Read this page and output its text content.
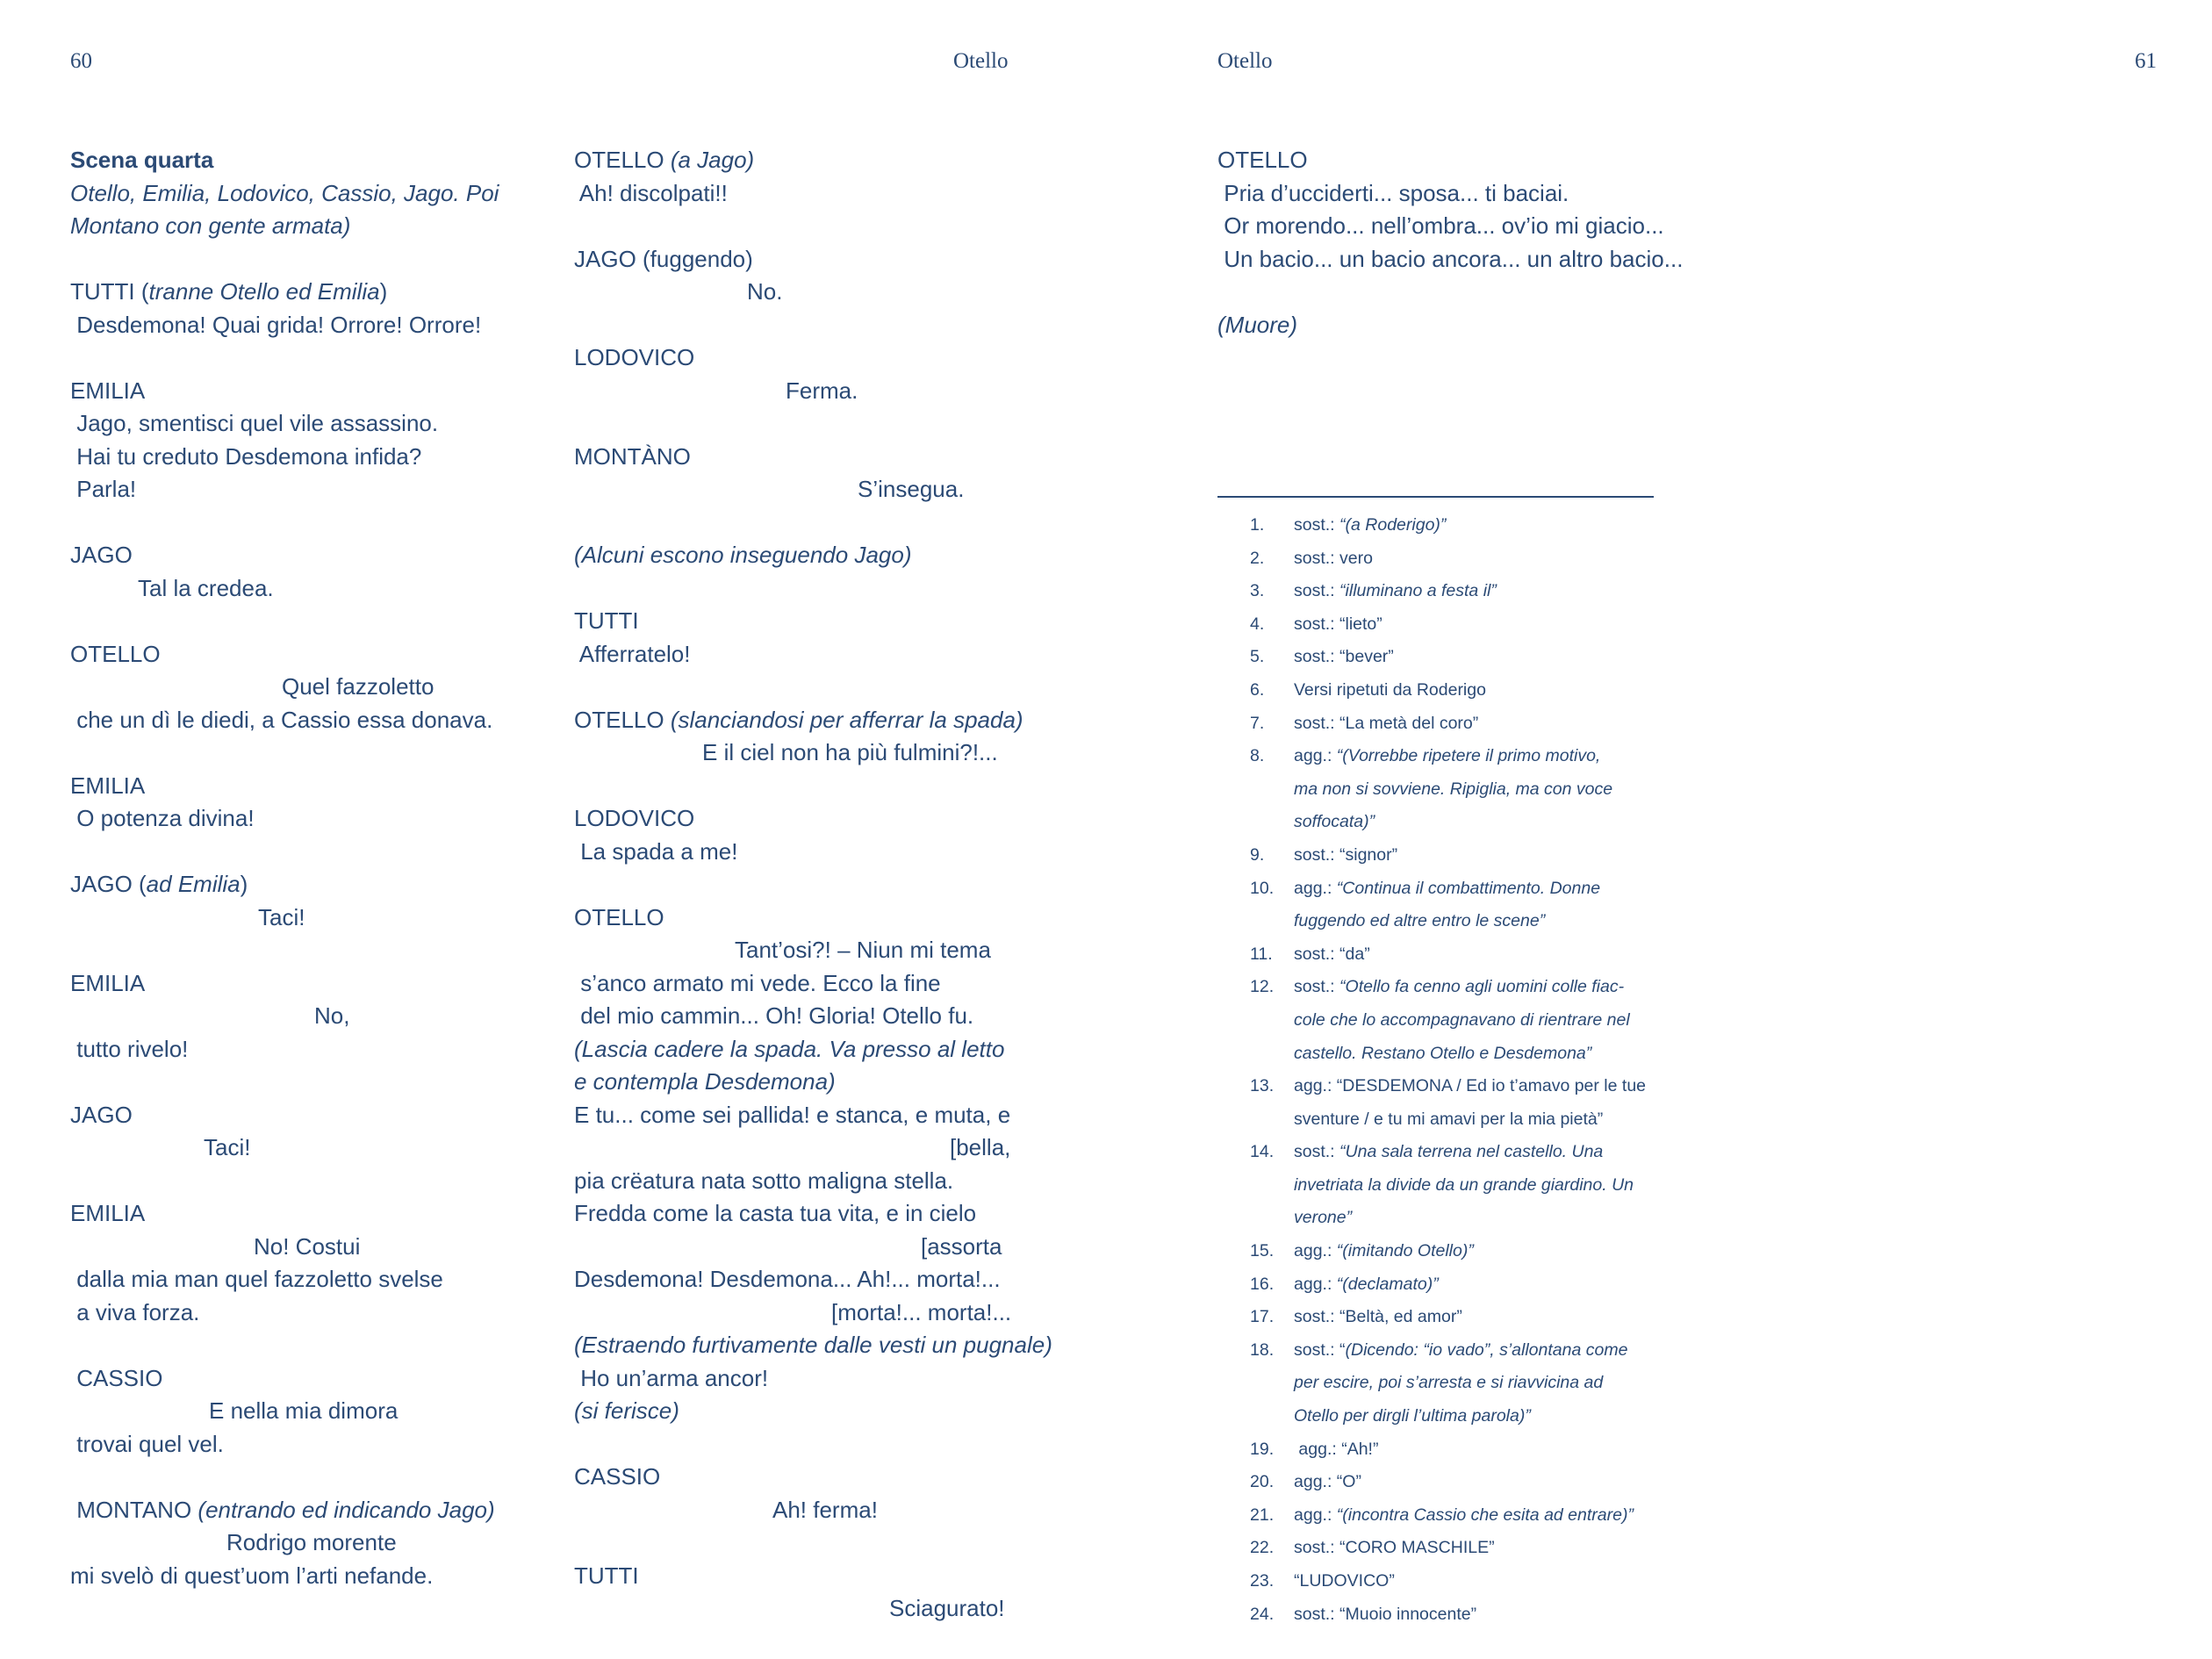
60	Otello	Otello	61
Scena quarta
Otello, Emilia, Lodovico, Cassio, Jago. Poi
Montano con gente armata)
TUTTI (tranne Otello ed Emilia)
Desdemona! Quai grida! Orrore! Orrore!
EMILIA
Jago, smentisci quel vile assassino.
Hai tu creduto Desdemona infida?
Parla!
JAGO
Tal la credea.
OTELLO
Quel fazzoletto
che un dì le diedi, a Cassio essa donava.
EMILIA
O potenza divina!
JAGO (ad Emilia)
Taci!
EMILIA
No,
tutto rivelo!
JAGO
Taci!
EMILIA
No! Costui
dalla mia man quel fazzoletto svelse
a viva forza.
CASSIO
E nella mia dimora
trovai quel vel.
MONTANO (entrando ed indicando Jago)
Rodrigo morente
mi svelò di quest’uom l’arti nefande.
OTELLO (a Jago)
Ah! discolpati!!
JAGO (fuggendo)
No.
LODOVICO
Ferma.
MONTÀNO
S’insegua.
(Alcuni escono inseguendo Jago)
TUTTI
Afferratelo!
OTELLO (slanciandosi per afferrar la spada)
E il ciel non ha più fulmini?!...
LODOVICO
La spada a me!
OTELLO
Tant’osi?! – Niun mi tema
s’anco armato mi vede. Ecco la fine
del mio cammin... Oh! Gloria! Otello fu.
(Lascia cadere la spada. Va presso al letto
e contempla Desdemona)
E tu... come sei pallida! e stanca, e muta, e
[bella,
pia crëatura nata sotto maligna stella.
Fredda come la casta tua vita, e in cielo
[assorta
Desdemona! Desdemona... Ah!... morta!...
[morta!... morta!...
(Estraendo furtivamente dalle vesti un pugnale)
Ho un’arma ancor!
(si ferisce)
CASSIO
Ah! ferma!
TUTTI
Sciagurato!
OTELLO
Pria d’ucciderti... sposa... ti baciai.
Or morendo... nell’ombra... ov’io mi giacio...
Un bacio... un bacio ancora... un altro bacio...
(Muore)
1.	sost.: “(a Roderigo)”
2.	sost.: vero
3.	sost.: “illuminano a festa il”
4.	sost.: “lieto”
5.	sost.: “bever”
6.	Versi ripetuti da Roderigo
7.	sost.: “La metà del coro”
8.	agg.: “(Vorrebbe ripetere il primo motivo,
ma non si sovviene. Ripiglia, ma con voce
soffocata)”
9.	sost.: “signor”
10.	agg.: “Continua il combattimento. Donne
fuggendo ed altre entro le scene”
11.	sost.: “da”
12.	sost.: “Otello fa cenno agli uomini colle fiac-
cole che lo accompagnavano di rientrare nel
castello. Restano Otello e Desdemona”
13.	agg.: “DESDEMONA / Ed io t’amavo per le tue
sventure / e tu mi amavi per la mia pietà”
14.	sost.: “Una sala terrena nel castello. Una
invetriata la divide da un grande giardino. Un
verone”
15.	agg.: “(imitando Otello)”
16.	agg.: “(declamato)”
17.	sost.: “Beltà, ed amor”
18.	sost.: “(Dicendo: “io vado”, s’allontana come
per escire, poi s’arresta e si riavvicina ad
Otello per dirgli l’ultima parola)”
19.	agg.: “Ah!”
20.	agg.: “O”
21.	agg.: “(incontra Cassio che esita ad entrare)”
22.	sost.: “CORO MASCHILE”
23.	“LUDOVICO”
24.	sost.: “Muoio innocente”
